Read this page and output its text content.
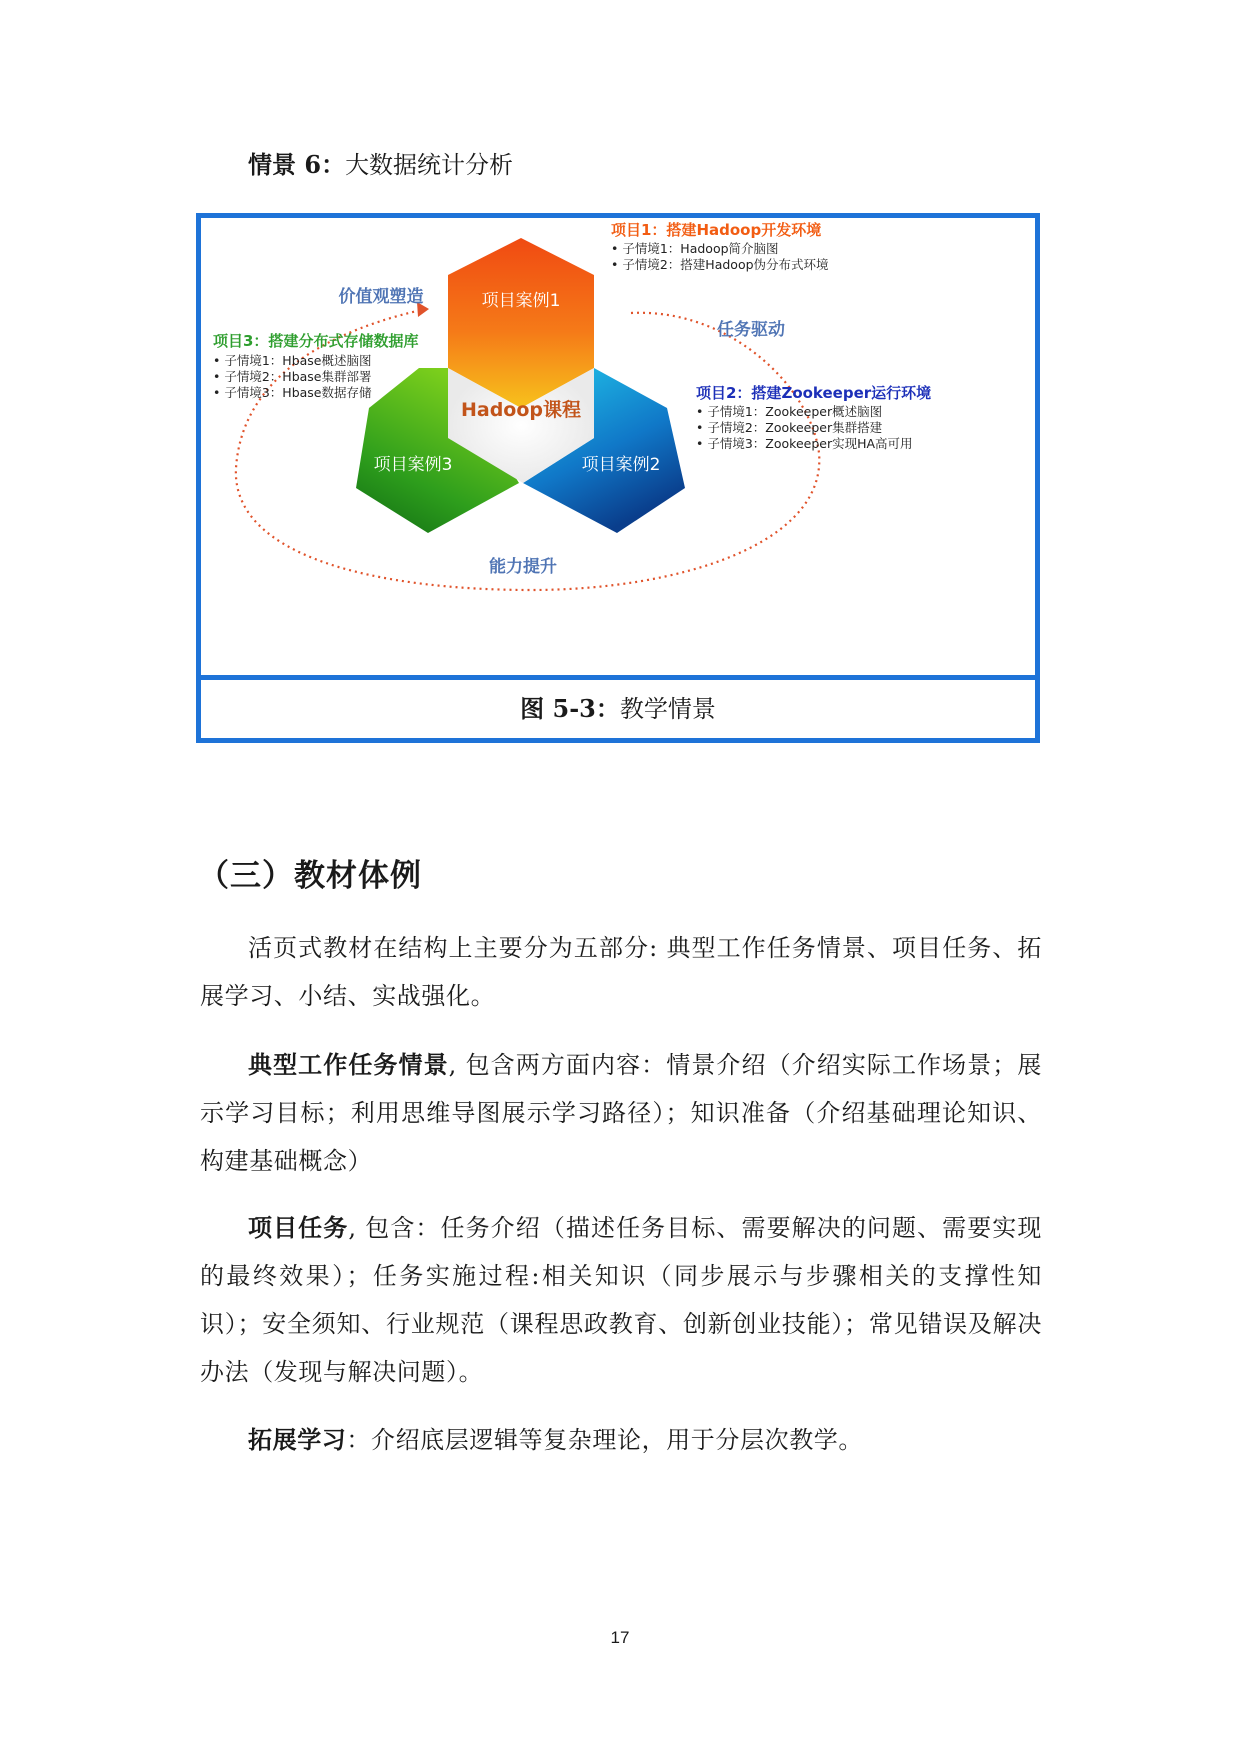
情景 6：大数据统计分析
Hadoop课程
项目案例1
项目案例2
项目案例3
价值观塑造
任务驱动
能力提升
项目1：搭建Hadoop开发环境
• 子情境1：Hadoop简介脑图
• 子情境2：搭建Hadoop伪分布式环境
项目3：搭建分布式存储数据库
• 子情境1：Hbase概述脑图
• 子情境2：Hbase集群部署
• 子情境3：Hbase数据存储	项目2：搭建Zookeeper运行环境
• 子情境1：Zookeeper概述脑图
• 子情境2：Zookeeper集群搭建
• 子情境3：Zookeeper实现HA高可用
图 5-3：教学情景
（三）教材体例
活页式教材在结构上主要分为五部分: 典型工作任务情景、项目任务、拓展学习、小结、实战强化。
典型工作任务情景, 包含两方面内容：情景介绍（介绍实际工作场景；展示学习目标；利用思维导图展示学习路径）；知识准备（介绍基础理论知识、构建基础概念）
项目任务, 包含：任务介绍（描述任务目标、需要解决的问题、需要实现的最终效果）；任务实施过程:相关知识（同步展示与步骤相关的支撑性知识）；安全须知、行业规范（课程思政教育、创新创业技能）；常见错误及解决办法（发现与解决问题）。
拓展学习：介绍底层逻辑等复杂理论，用于分层次教学。
17
